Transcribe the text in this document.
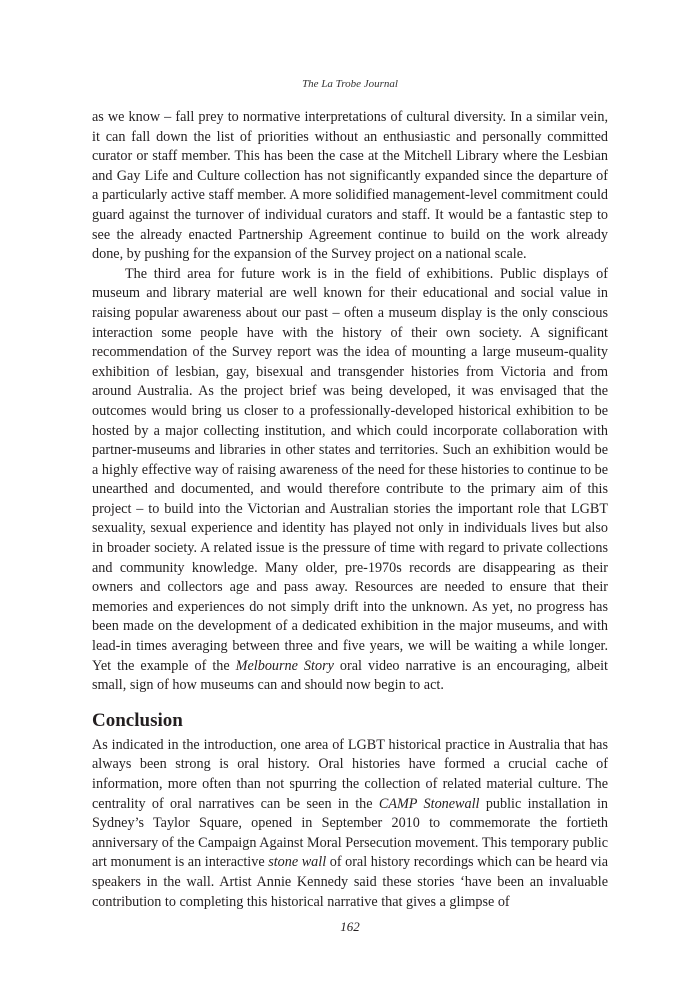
The La Trobe Journal

as we know – fall prey to normative interpretations of cultural diversity. In a similar vein, it can fall down the list of priorities without an enthusiastic and personally committed curator or staff member. This has been the case at the Mitchell Library where the Lesbian and Gay Life and Culture collection has not significantly expanded since the departure of a particularly active staff member. A more solidified management-level commitment could guard against the turnover of individual curators and staff. It would be a fantastic step to see the already enacted Partnership Agreement continue to build on the work already done, by pushing for the expansion of the Survey project on a national scale.

The third area for future work is in the field of exhibitions. Public displays of museum and library material are well known for their educational and social value in raising popular awareness about our past – often a museum display is the only conscious interaction some people have with the history of their own society. A significant recommendation of the Survey report was the idea of mounting a large museum-quality exhibition of lesbian, gay, bisexual and transgender histories from Victoria and from around Australia. As the project brief was being developed, it was envisaged that the outcomes would bring us closer to a professionally-developed historical exhibition to be hosted by a major collecting institution, and which could incorporate collaboration with partner-museums and libraries in other states and territories. Such an exhibition would be a highly effective way of raising awareness of the need for these histories to continue to be unearthed and documented, and would therefore contribute to the primary aim of this project – to build into the Victorian and Australian stories the important role that LGBT sexuality, sexual experience and identity has played not only in individuals lives but also in broader society. A related issue is the pressure of time with regard to private collections and community knowledge. Many older, pre-1970s records are disappearing as their owners and collectors age and pass away. Resources are needed to ensure that their memories and experiences do not simply drift into the unknown. As yet, no progress has been made on the development of a dedicated exhibition in the major museums, and with lead-in times averaging between three and five years, we will be waiting a while longer. Yet the example of the Melbourne Story oral video narrative is an encouraging, albeit small, sign of how museums can and should now begin to act.

Conclusion

As indicated in the introduction, one area of LGBT historical practice in Australia that has always been strong is oral history. Oral histories have formed a crucial cache of information, more often than not spurring the collection of related material culture. The centrality of oral narratives can be seen in the CAMP Stonewall public installation in Sydney’s Taylor Square, opened in September 2010 to commemorate the fortieth anniversary of the Campaign Against Moral Persecution movement. This temporary public art monument is an interactive stone wall of oral history recordings which can be heard via speakers in the wall. Artist Annie Kennedy said these stories ‘have been an invaluable contribution to completing this historical narrative that gives a glimpse of

162
